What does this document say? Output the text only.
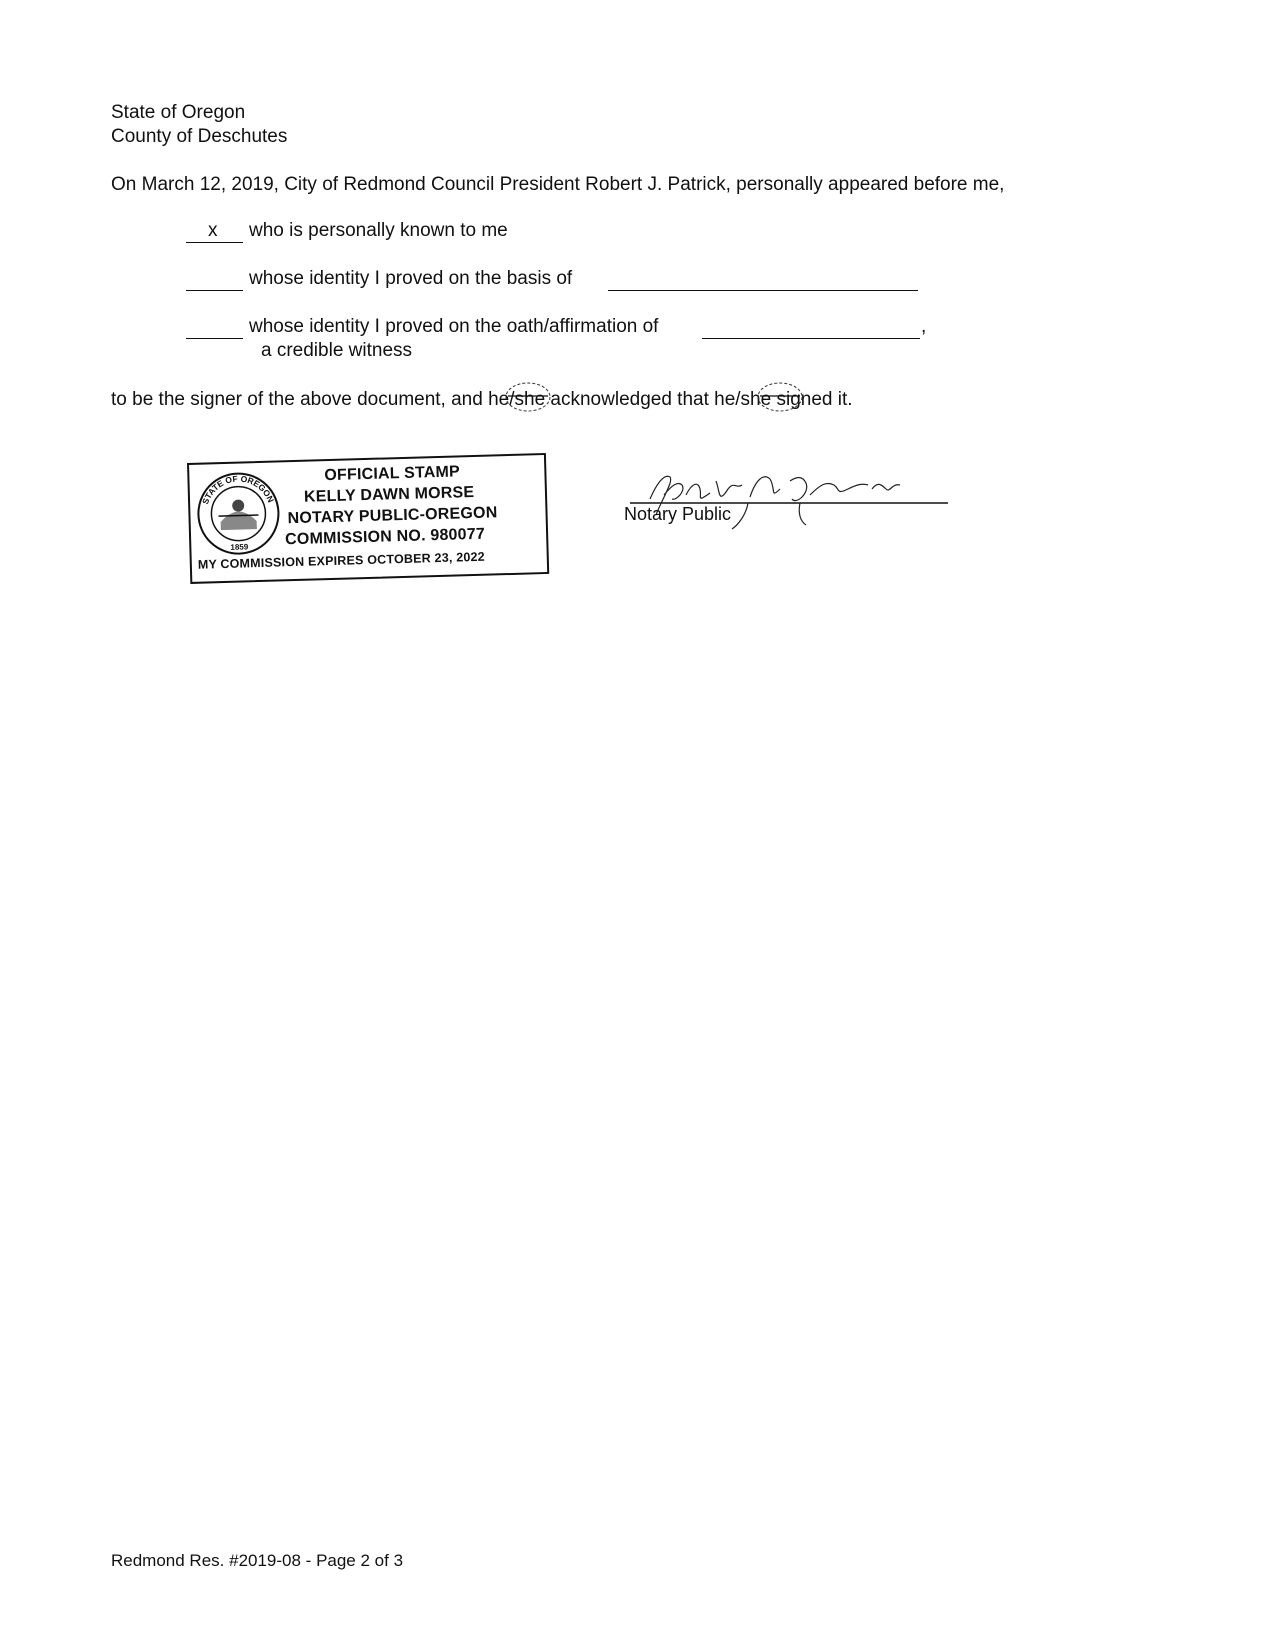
State of Oregon
County of Deschutes
On March 12, 2019, City of Redmond Council President Robert J. Patrick, personally appeared before me,
x who is personally known to me
whose identity I proved on the basis of
whose identity I proved on the oath/affirmation of	,
a credible witness
to be the signer of the above document, and he/she acknowledged that he/she signed it.
STATE OF OREGON
1859
OFFICIAL STAMP
KELLY DAWN MORSE
NOTARY PUBLIC-OREGON
COMMISSION NO. 980077
MY COMMISSION EXPIRES OCTOBER 23, 2022
Notary Public
Redmond Res. #2019-08 - Page 2 of 3
